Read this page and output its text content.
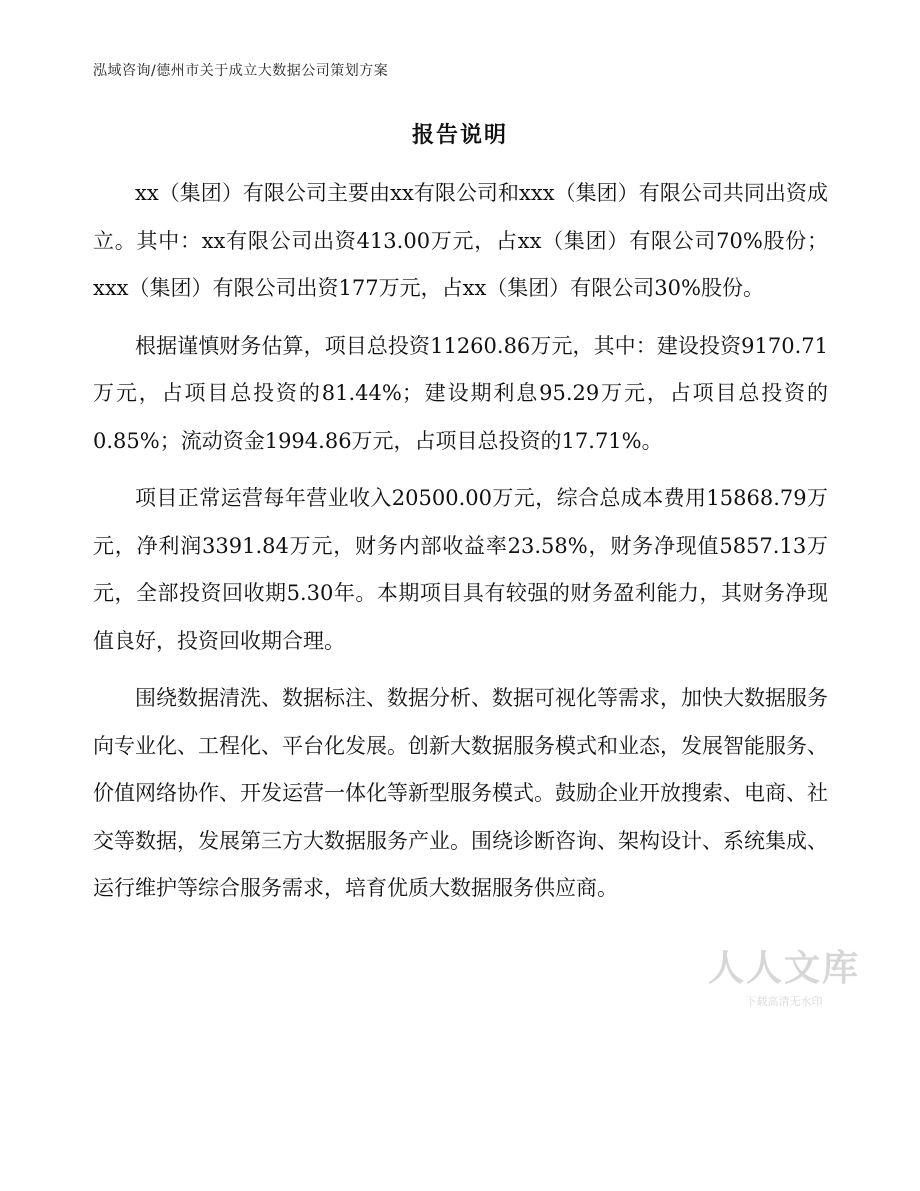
泓域咨询/德州市关于成立大数据公司策划方案
报告说明

xx（集团）有限公司主要由xx有限公司和xxx（集团）有限公司共同出资成立。其中：xx有限公司出资413.00万元，占xx（集团）有限公司70%股份；xxx（集团）有限公司出资177万元，占xx（集团）有限公司30%股份。

根据谨慎财务估算，项目总投资11260.86万元，其中：建设投资9170.71万元，占项目总投资的81.44%；建设期利息95.29万元，占项目总投资的0.85%；流动资金1994.86万元，占项目总投资的17.71%。

项目正常运营每年营业收入20500.00万元，综合总成本费用15868.79万元，净利润3391.84万元，财务内部收益率23.58%，财务净现值5857.13万元，全部投资回收期5.30年。本期项目具有较强的财务盈利能力，其财务净现值良好，投资回收期合理。

围绕数据清洗、数据标注、数据分析、数据可视化等需求，加快大数据服务向专业化、工程化、平台化发展。创新大数据服务模式和业态，发展智能服务、价值网络协作、开发运营一体化等新型服务模式。鼓励企业开放搜索、电商、社交等数据，发展第三方大数据服务产业。围绕诊断咨询、架构设计、系统集成、运行维护等综合服务需求，培育优质大数据服务供应商。

人人文库
下载高清无水印
